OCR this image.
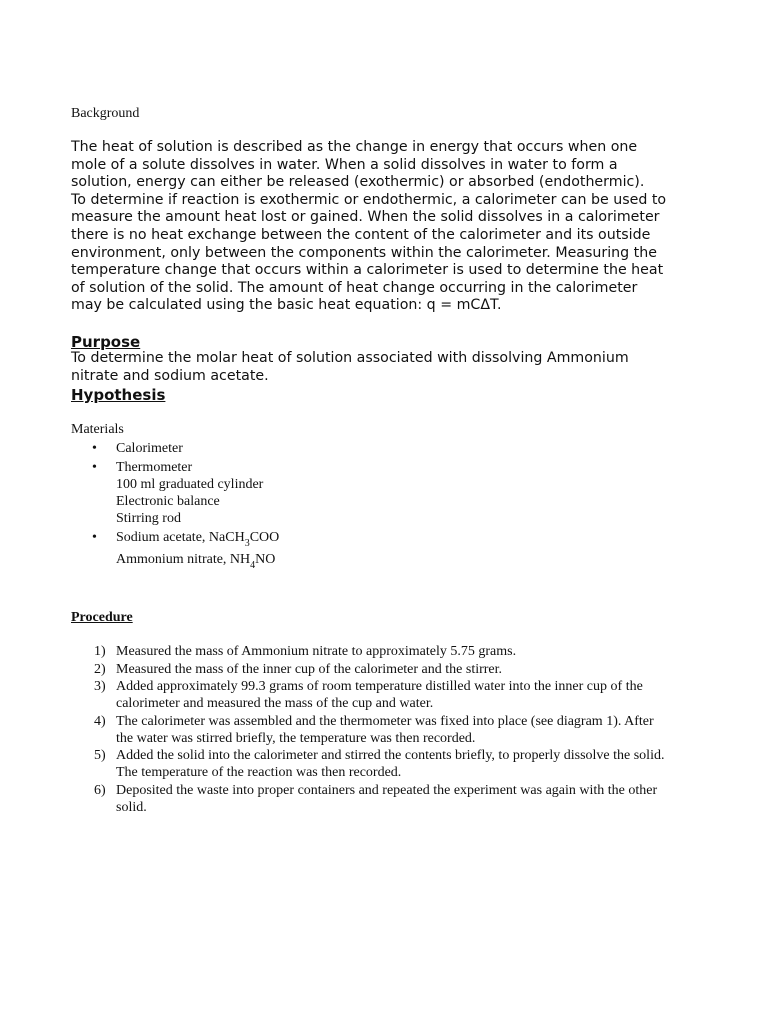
Background
The heat of solution is described as the change in energy that occurs when one
mole of a solute dissolves in water. When a solid dissolves in water to form a
solution, energy can either be released (exothermic) or absorbed (endothermic).
To determine if reaction is exothermic or endothermic, a calorimeter can be used to
measure the amount heat lost or gained. When the solid dissolves in a calorimeter
there is no heat exchange between the content of the calorimeter and its outside
environment, only between the components within the calorimeter. Measuring the
temperature change that occurs within a calorimeter is used to determine the heat
of solution of the solid. The amount of heat change occurring in the calorimeter
may be calculated using the basic heat equation: q = mCΔT.
Purpose
To determine the molar heat of solution associated with dissolving Ammonium
nitrate and sodium acetate.
Hypothesis
Materials
• Calorimeter
• Thermometer
100 ml graduated cylinder
Electronic balance
Stirring rod
• Sodium acetate, NaCH$_3$COO
Ammonium nitrate, $NH_4NO$
Procedure
1) Measured the mass of Ammonium nitrate to approximately 5.75 grams.
2) Measured the mass of the inner cup of the calorimeter and the stirrer.
3) Added approximately 99.3 grams of room temperature distilled water into the inner cup of the
calorimeter and measured the mass of the cup and water.
4) The calorimeter was assembled and the thermometer was fixed into place (see diagram 1). After
the water was stirred briefly, the temperature was then recorded.
5) Added the solid into the calorimeter and stirred the contents briefly, to properly dissolve the solid.
The temperature of the reaction was then recorded.
6) Deposited the waste into proper containers and repeated the experiment was again with the other
solid.
